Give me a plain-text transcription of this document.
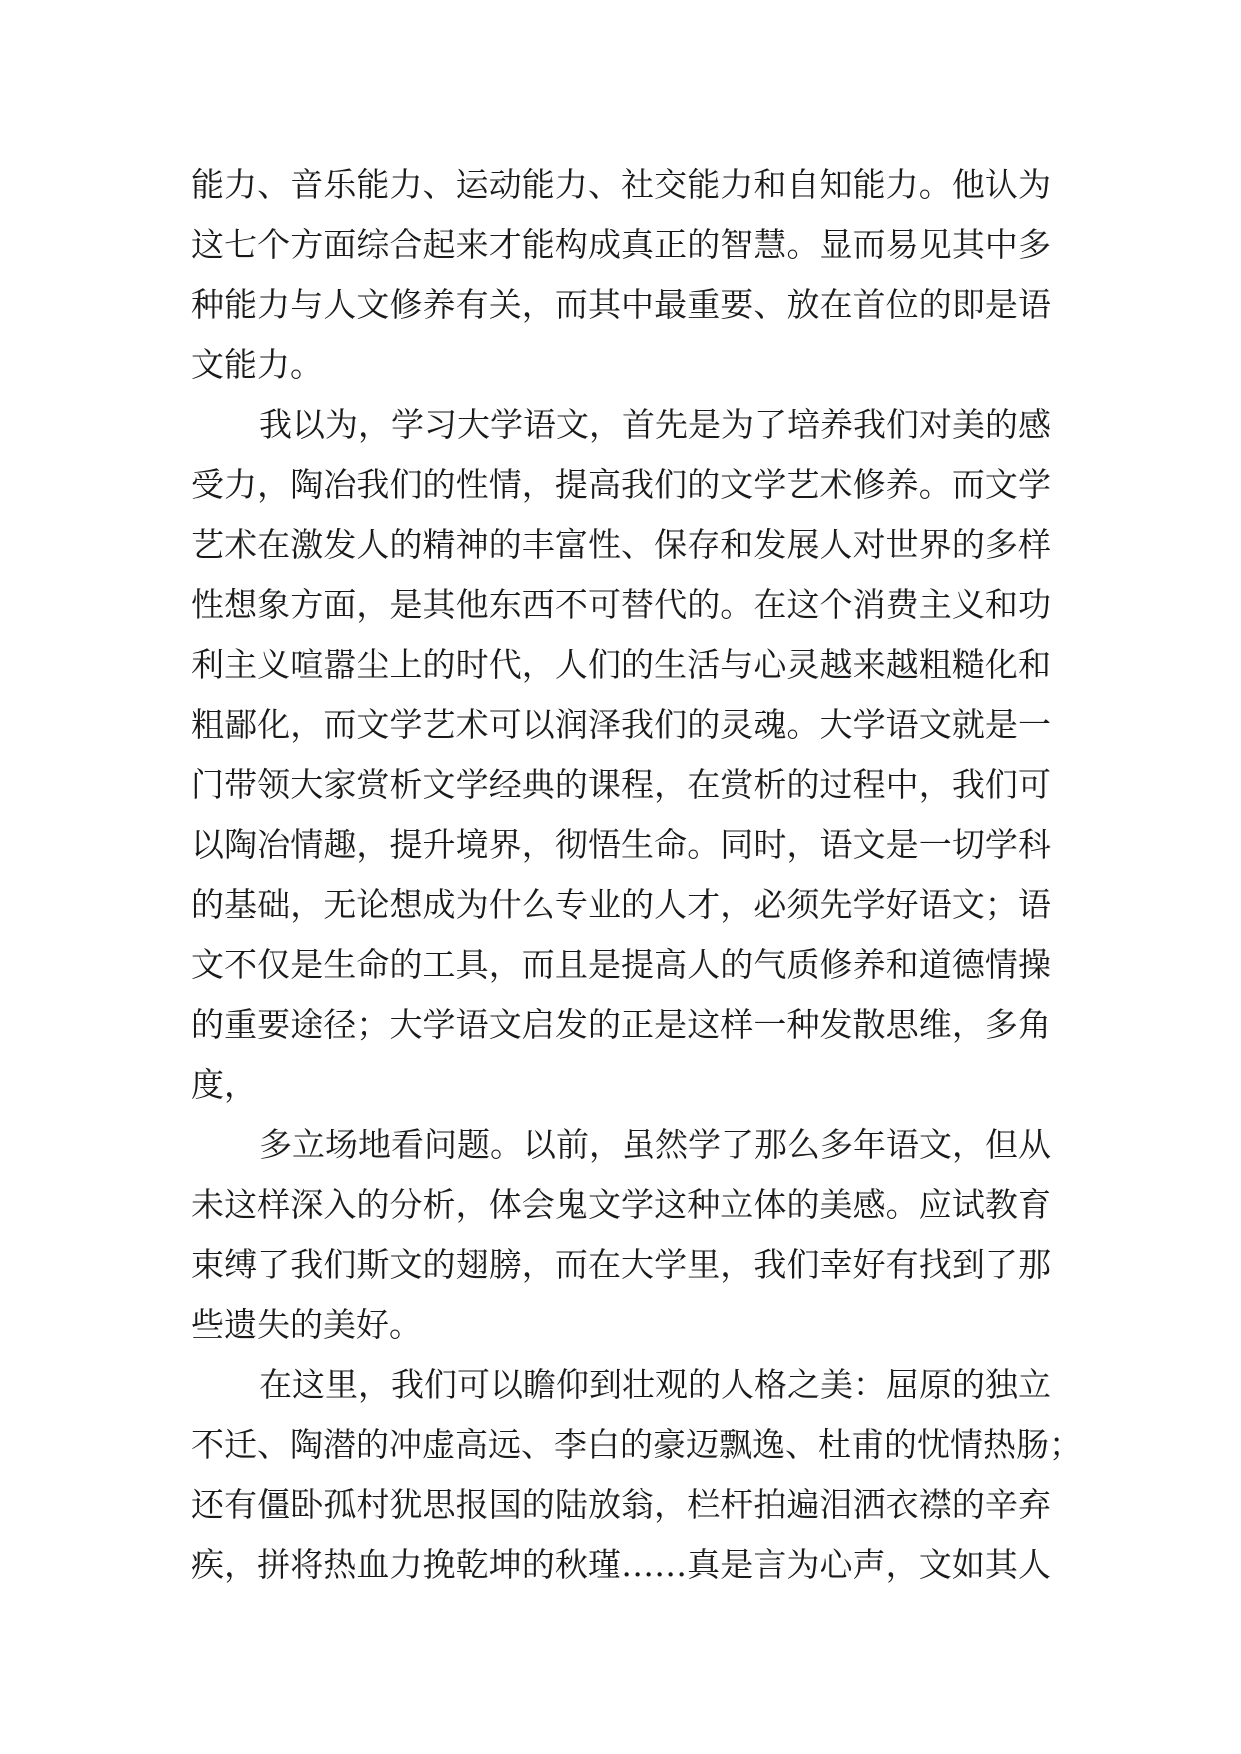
能力、音乐能力、运动能力、社交能力和自知能力。他认为
这七个方面综合起来才能构成真正的智慧。显而易见其中多
种能力与人文修养有关，而其中最重要、放在首位的即是语
文能力。
我以为，学习大学语文，首先是为了培养我们对美的感
受力，陶冶我们的性情，提高我们的文学艺术修养。而文学
艺术在激发人的精神的丰富性、保存和发展人对世界的多样
性想象方面，是其他东西不可替代的。在这个消费主义和功
利主义喧嚣尘上的时代，人们的生活与心灵越来越粗糙化和
粗鄙化，而文学艺术可以润泽我们的灵魂。大学语文就是一
门带领大家赏析文学经典的课程，在赏析的过程中，我们可
以陶冶情趣，提升境界，彻悟生命。同时，语文是一切学科
的基础，无论想成为什么专业的人才，必须先学好语文；语
文不仅是生命的工具，而且是提高人的气质修养和道德情操
的重要途径；大学语文启发的正是这样一种发散思维，多角
度，
多立场地看问题。以前，虽然学了那么多年语文，但从
未这样深入的分析，体会鬼文学这种立体的美感。应试教育
束缚了我们斯文的翅膀，而在大学里，我们幸好有找到了那
些遗失的美好。
在这里，我们可以瞻仰到壮观的人格之美：屈原的独立
不迁、陶潜的冲虚高远、李白的豪迈飘逸、杜甫的忧情热肠；
还有僵卧孤村犹思报国的陆放翁，栏杆拍遍泪洒衣襟的辛弃
疾，拼将热血力挽乾坤的秋瑾……真是言为心声，文如其人
